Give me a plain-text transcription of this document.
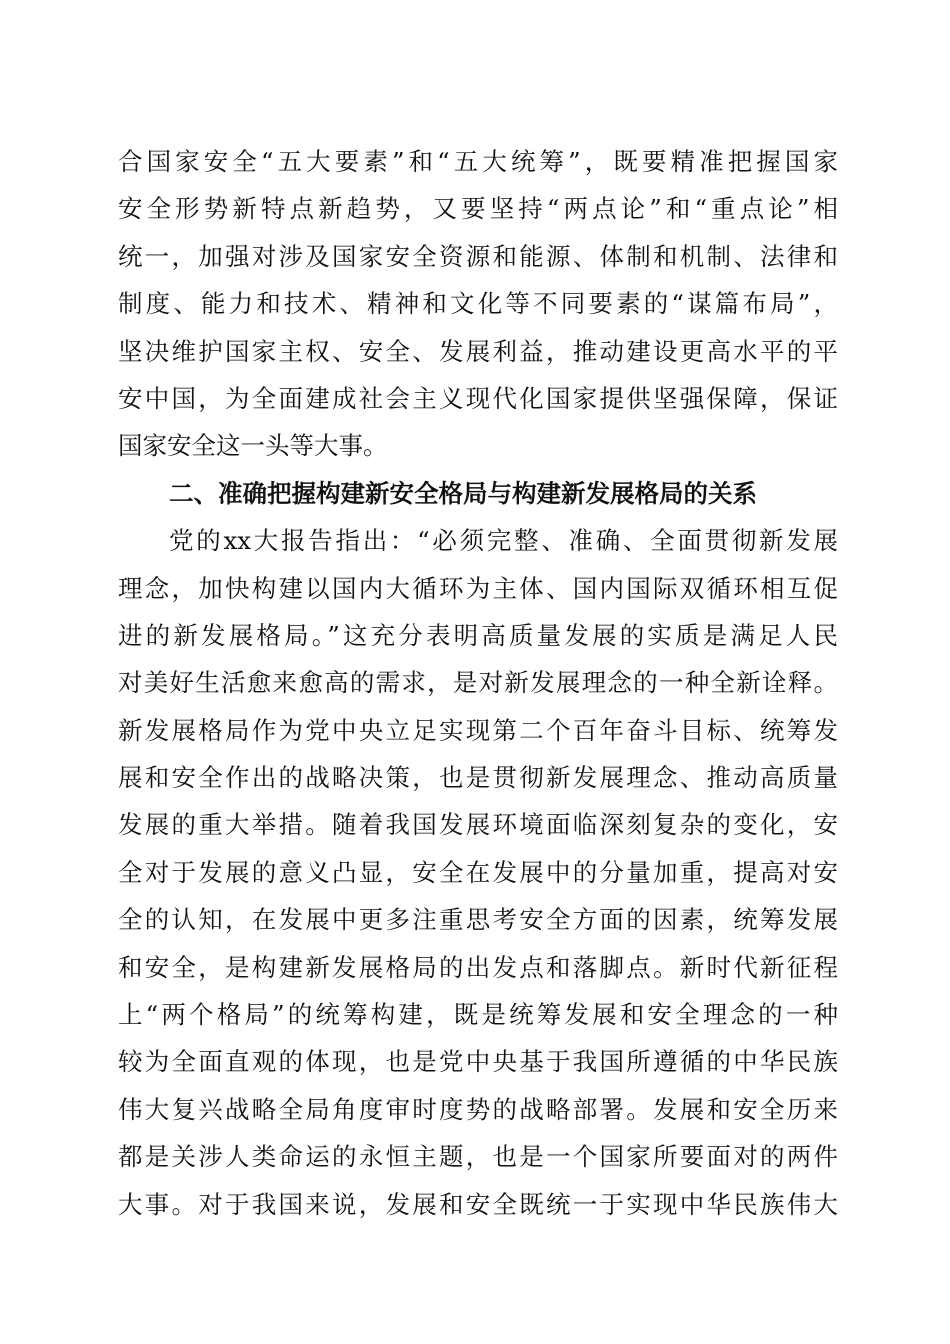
合国家安全“五大要素”和“五大统筹”，既要精准把握国家
安全形势新特点新趋势，又要坚持“两点论”和“重点论”相
统一，加强对涉及国家安全资源和能源、体制和机制、法律和
制度、能力和技术、精神和文化等不同要素的“谋篇布局”，
坚决维护国家主权、安全、发展利益，推动建设更高水平的平
安中国，为全面建成社会主义现代化国家提供坚强保障，保证
国家安全这一头等大事。
二、准确把握构建新安全格局与构建新发展格局的关系
党的xx大报告指出：“必须完整、准确、全面贯彻新发展
理念，加快构建以国内大循环为主体、国内国际双循环相互促
进的新发展格局。”这充分表明高质量发展的实质是满足人民
对美好生活愈来愈高的需求，是对新发展理念的一种全新诠释。
新发展格局作为党中央立足实现第二个百年奋斗目标、统筹发
展和安全作出的战略决策，也是贯彻新发展理念、推动高质量
发展的重大举措。随着我国发展环境面临深刻复杂的变化，安
全对于发展的意义凸显，安全在发展中的分量加重，提高对安
全的认知，在发展中更多注重思考安全方面的因素，统筹发展
和安全，是构建新发展格局的出发点和落脚点。新时代新征程
上“两个格局”的统筹构建，既是统筹发展和安全理念的一种
较为全面直观的体现，也是党中央基于我国所遵循的中华民族
伟大复兴战略全局角度审时度势的战略部署。发展和安全历来
都是关涉人类命运的永恒主题，也是一个国家所要面对的两件
大事。对于我国来说，发展和安全既统一于实现中华民族伟大
